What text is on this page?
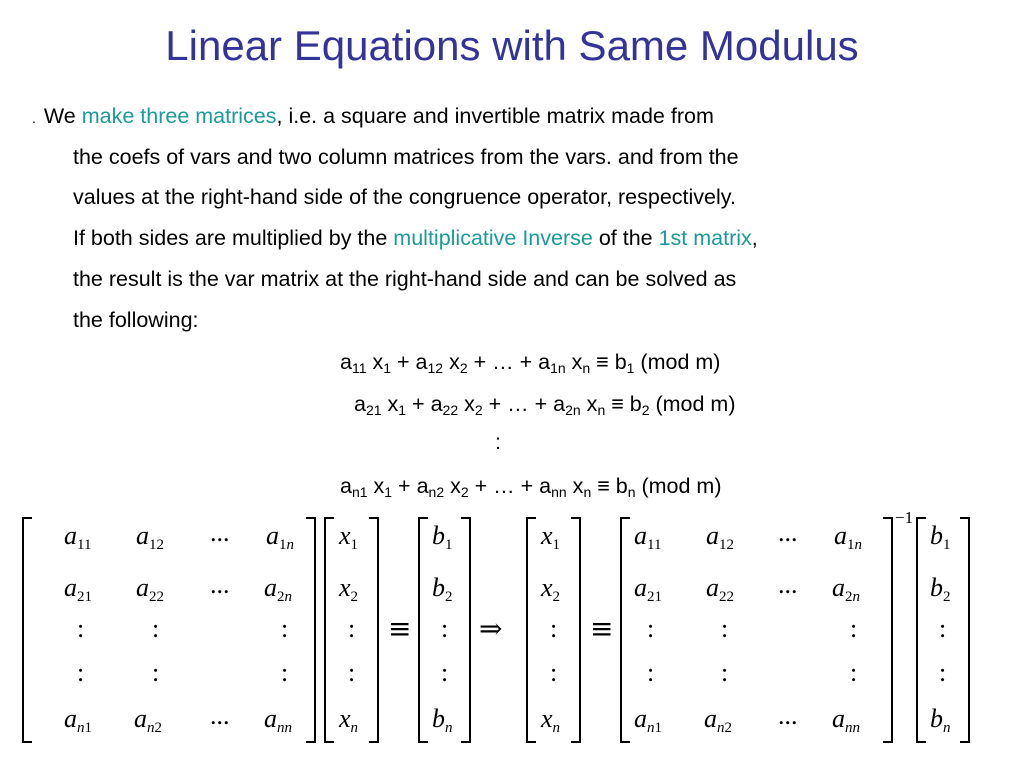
Linear Equations with Same Modulus
. We make three matrices, i.e. a square and invertible matrix made from
the coefs of vars and two column matrices from the vars. and from the
values at the right-hand side of the congruence operator, respectively.
If both sides are multiplied by the multiplicative Inverse of the 1st matrix,
the result is the var matrix at the right-hand side and can be solved as
the following:
$a_{11}$ $x_1 + a_{12}$ $x_2$ + … + $a_{1n}$ $x_n \equiv b_1$ (mod m)
$a_{21}$ $x_1 + a_{22}$ $x_2$ + … + $a_{2n}$ $x_n \equiv b_2$ (mod m)
:
$a_{n1}$ $x_1 + a_{n2}$ $x_2$ + … + $a_{nn}$ $x_n \equiv b_n$ (mod m)
$a_{11}$ $a_{12}$ ... $a_{1n}$
$a_{21}$ $a_{22}$ ... $a_{2n}$
:	:	:
:	:	:
$a_{n1}$ $a_{n2}$ ... $a_{nn}$
$x_1$
$x_2$
:
:
$x_n$
≡
$b_1$
$b_2$
:
:
$b_n$
⇒
$x_1$
$x_2$
:
:
$x_n$
≡
−1
$a_{11}$ $a_{12}$ ... $a_{1n}$
$a_{21}$ $a_{22}$ ... $a_{2n}$
:	:	:
:	:	:
$a_{n1}$ $a_{n2}$ ... $a_{nn}$
$b_1$
$b_2$
:
:
$b_n$
